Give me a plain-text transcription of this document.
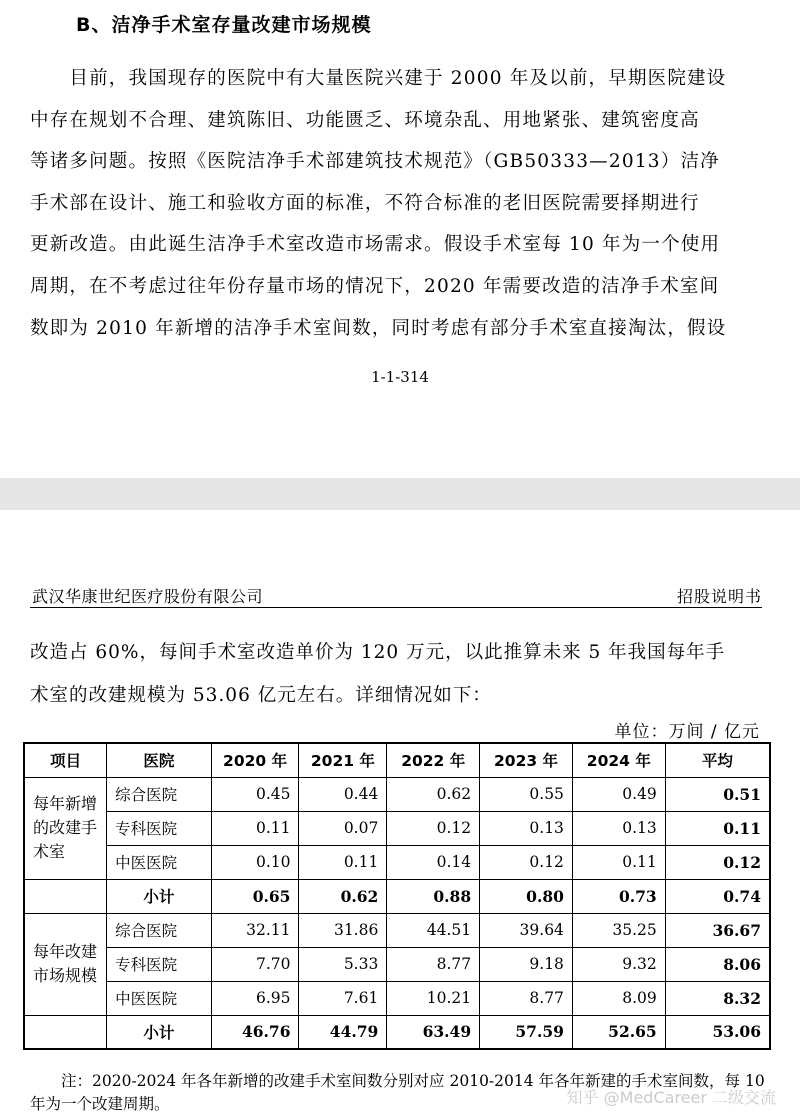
B、洁净手术室存量改建市场规模
　　目前，我国现存的医院中有大量医院兴建于 2000 年及以前，早期医院建设
中存在规划不合理、建筑陈旧、功能匮乏、环境杂乱、用地紧张、建筑密度高
等诸多问题。按照《医院洁净手术部建筑技术规范》（GB50333—2013）洁净
手术部在设计、施工和验收方面的标准，不符合标准的老旧医院需要择期进行
更新改造。由此诞生洁净手术室改造市场需求。假设手术室每 10 年为一个使用
周期，在不考虑过往年份存量市场的情况下，2020 年需要改造的洁净手术室间
数即为 2010 年新增的洁净手术室间数，同时考虑有部分手术室直接淘汰，假设
1-1-314
武汉华康世纪医疗股份有限公司	招股说明书
改造占 60%，每间手术室改造单价为 120 万元，以此推算未来 5 年我国每年手
术室的改建规模为 53.06 亿元左右。详细情况如下：
单位：万间 / 亿元
项目	医院	2020 年	2021 年	2022 年	2023 年	2024 年	平均
每年新增的改建手术室	综合医院	0.45	0.44	0.62	0.55	0.49	0.51
	专科医院	0.11	0.07	0.12	0.13	0.13	0.11
	中医医院	0.10	0.11	0.14	0.12	0.11	0.12
	小计	0.65	0.62	0.88	0.80	0.73	0.74
每年改建市场规模	综合医院	32.11	31.86	44.51	39.64	35.25	36.67
	专科医院	7.70	5.33	8.77	9.18	9.32	8.06
	中医医院	6.95	7.61	10.21	8.77	8.09	8.32
	小计	46.76	44.79	63.49	57.59	52.65	53.06
　　注：2020-2024 年各年新增的改建手术室间数分别对应 2010-2014 年各年新建的手术室间数，每 10 年为一个改建周期。	知乎 @MedCareer 二级交流
